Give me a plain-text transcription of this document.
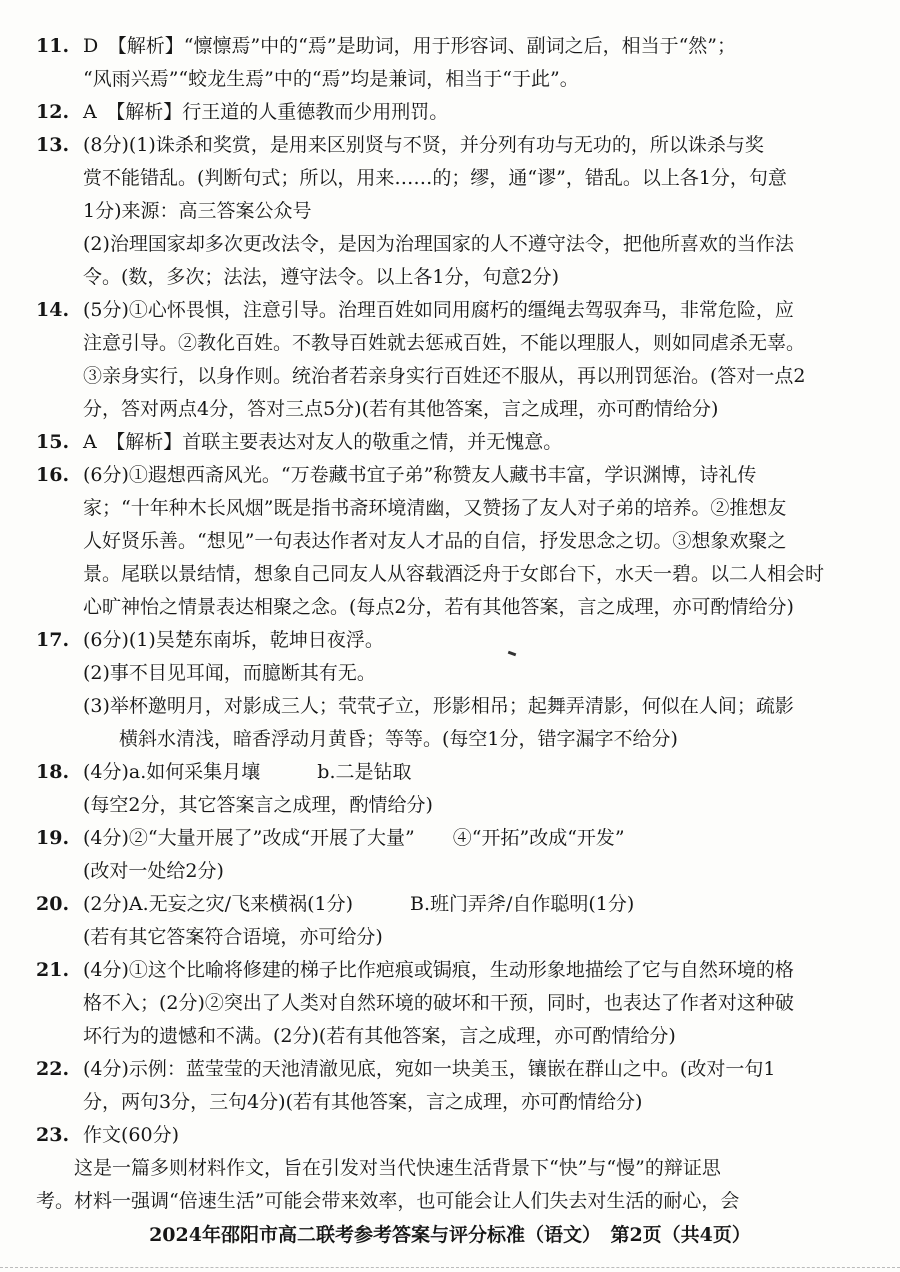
11. D　【解析】“懔懔焉”中的“焉”是助词，用于形容词、副词之后，相当于“然”；
“风雨兴焉”“蛟龙生焉”中的“焉”均是兼词，相当于“于此”。
12. A　【解析】行王道的人重德教而少用刑罚。
13. (8分)(1)诛杀和奖赏，是用来区别贤与不贤，并分列有功与无功的，所以诛杀与奖
赏不能错乱。(判断句式；所以，用来……的；缪，通“谬”，错乱。以上各1分，句意
1分)来源：高三答案公众号
(2)治理国家却多次更改法令，是因为治理国家的人不遵守法令，把他所喜欢的当作法
令。(数，多次；法法，遵守法令。以上各1分，句意2分)
14. (5分)①心怀畏惧，注意引导。治理百姓如同用腐朽的缰绳去驾驭奔马，非常危险，应
注意引导。②教化百姓。不教导百姓就去惩戒百姓，不能以理服人，则如同虐杀无辜。
③亲身实行，以身作则。统治者若亲身实行百姓还不服从，再以刑罚惩治。(答对一点2
分，答对两点4分，答对三点5分)(若有其他答案，言之成理，亦可酌情给分)
15. A　【解析】首联主要表达对友人的敬重之情，并无愧意。
16. (6分)①遐想西斋风光。“万卷藏书宜子弟”称赞友人藏书丰富，学识渊博，诗礼传
家；“十年种木长风烟”既是指书斋环境清幽，又赞扬了友人对子弟的培养。②推想友
人好贤乐善。“想见”一句表达作者对友人才品的自信，抒发思念之切。③想象欢聚之
景。尾联以景结情，想象自己同友人从容载酒泛舟于女郎台下，水天一碧。以二人相会时
心旷神怡之情景表达相聚之念。(每点2分，若有其他答案，言之成理，亦可酌情给分)
17. (6分)(1)吴楚东南坼，乾坤日夜浮。
(2)事不目见耳闻，而臆断其有无。
(3)举杯邀明月，对影成三人；茕茕孑立，形影相吊；起舞弄清影，何似在人间；疏影
横斜水清浅，暗香浮动月黄昏；等等。(每空1分，错字漏字不给分)
18. (4分)a.如何采集月壤　　　b.二是钻取
(每空2分，其它答案言之成理，酌情给分)
19. (4分)②“大量开展了”改成“开展了大量”　　④“开拓”改成“开发”
(改对一处给2分)
20. (2分)A.无妄之灾/飞来横祸(1分)　　　B.班门弄斧/自作聪明(1分)
(若有其它答案符合语境，亦可给分)
21. (4分)①这个比喻将修建的梯子比作疤痕或锔痕，生动形象地描绘了它与自然环境的格
格不入；(2分)②突出了人类对自然环境的破坏和干预，同时，也表达了作者对这种破
坏行为的遗憾和不满。(2分)(若有其他答案，言之成理，亦可酌情给分)
22. (4分)示例：蓝莹莹的天池清澈见底，宛如一块美玉，镶嵌在群山之中。(改对一句1
分，两句3分，三句4分)(若有其他答案，言之成理，亦可酌情给分)
23. 作文(60分)
这是一篇多则材料作文，旨在引发对当代快速生活背景下“快”与“慢”的辩证思
考。材料一强调“倍速生活”可能会带来效率，也可能会让人们失去对生活的耐心，会
2024年邵阳市高二联考参考答案与评分标准（语文）　第2页（共4页）
